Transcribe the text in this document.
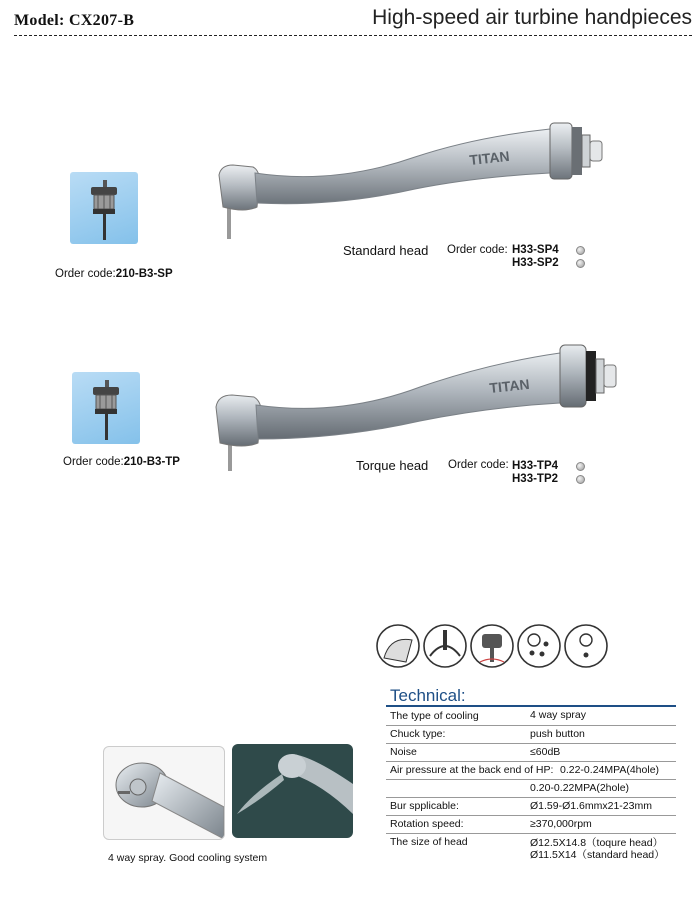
Model: CX207-B	High-speed air turbine handpieces
Order code:210-B3-SP
TITAN
Standard head Order code: H33-SP4
H33-SP2
Order code:210-B3-TP
TITAN
Torque head Order code: H33-TP4
H33-TP2
Technical:
The type of cooling	4 way spray
Chuck type:	push button
Noise	≤60dB
Air pressure at the back end of HP: 0.22-0.24MPA(4hole)
0.20-0.22MPA(2hole)
Bur spplicable:	Ø1.59-Ø1.6mmx21-23mm
Rotation speed:	≥370,000rpm
The size of head	Ø12.5X14.8（toqure head）
Ø11.5X14（standard head）
4 way spray. Good cooling system
